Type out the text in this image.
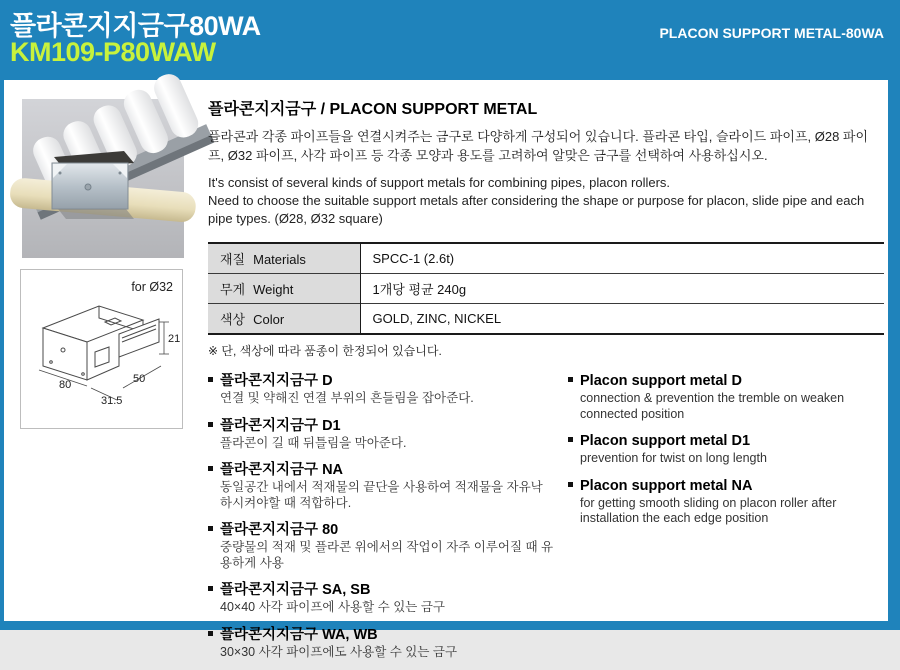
플라콘지지금구80WA
KM109-P80WAW
PLACON SUPPORT METAL-80WA
80
31.5
50
21
for Ø32
플라콘지지금구 / PLACON SUPPORT METAL

플라콘과 각종 파이프들을 연결시켜주는 금구로 다양하게 구성되어 있습니다. 플라콘 타입, 슬라이드 파이프, Ø28 파이프, Ø32 파이프, 사각 파이프 등 각종 모양과 용도를 고려하여 알맞은 금구를 선택하여 사용하십시오.

It's consist of several kinds of support metals for combining pipes, placon rollers.
Need to choose the suitable support metals after considering the shape or purpose for placon, slide pipe and each pipe types. (Ø28, Ø32 square)

재질 Materials	SPCC-1 (2.6t)
무게 Weight	1개당 평균 240g
색상 Color	GOLD, ZINC, NICKEL
※ 단, 색상에 따라 품종이 한정되어 있습니다.
플라콘지지금구 D
연결 및 약해진 연결 부위의 흔들림을 잡아준다.
플라콘지지금구 D1
플라콘이 길 때 뒤틀림을 막아준다.
플라콘지지금구 NA
동일공간 내에서 적재물의 끝단을 사용하여 적재물을 자유낙하시켜야할 때 적합하다.
플라콘지지금구 80
중량물의 적재 및 플라콘 위에서의 작업이 자주 이루어질 때 유용하게 사용
플라콘지지금구 SA, SB
40×40 사각 파이프에 사용할 수 있는 금구
플라콘지지금구 WA, WB
30×30 사각 파이프에도 사용할 수 있는 금구
Placon support metal D
connection & prevention the tremble on weaken connected position
Placon support metal D1
prevention for twist on long length
Placon support metal NA
for getting smooth sliding on placon roller after installation the each edge position
